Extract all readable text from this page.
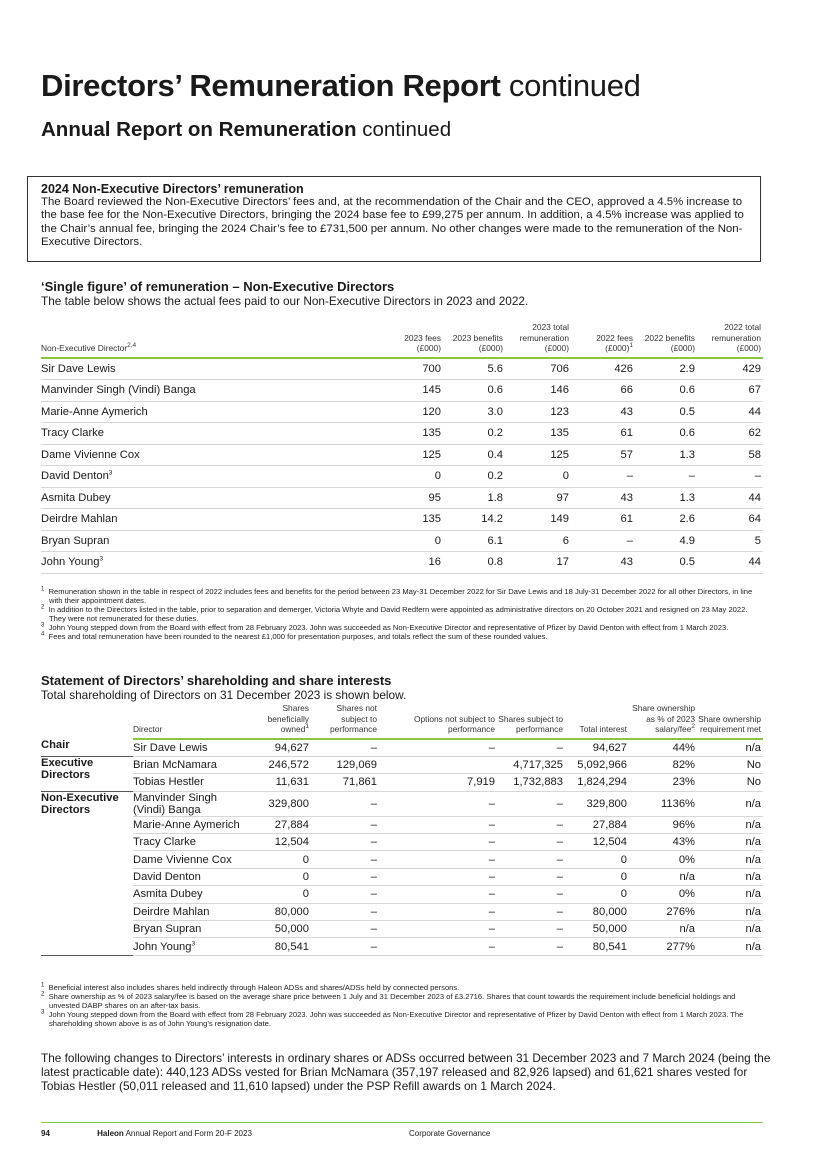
Directors’ Remuneration Report continued
Annual Report on Remuneration continued
2024 Non-Executive Directors’ remuneration

The Board reviewed the Non-Executive Directors’ fees and, at the recommendation of the Chair and the CEO, approved a 4.5% increase to the base fee for the Non-Executive Directors, bringing the 2024 base fee to £99,275 per annum. In addition, a 4.5% increase was applied to the Chair’s annual fee, bringing the 2024 Chair’s fee to £731,500 per annum. No other changes were made to the remuneration of the Non-Executive Directors.

‘Single figure’ of remuneration – Non-Executive Directors
The table below shows the actual fees paid to our Non-Executive Directors in 2023 and 2022.
Non-Executive Director$^{2,4}$	2023 fees (£000)	2023 benefits (£000)	2023 total remuneration (£000)	2022 fees (£000)$^1$	2022 benefits (£000)	2022 total remuneration (£000)
Sir Dave Lewis	700	5.6	706	426	2.9	429
Manvinder Singh (Vindi) Banga	145	0.6	146	66	0.6	67
Marie-Anne Aymerich	120	3.0	123	43	0.5	44
Tracy Clarke	135	0.2	135	61	0.6	62
Dame Vivienne Cox	125	0.4	125	57	1.3	58
David Denton$^3$	0	0.2	0	–	–	–
Asmita Dubey	95	1.8	97	43	1.3	44
Deirdre Mahlan	135	14.2	149	61	2.6	64
Bryan Supran	0	6.1	6	–	4.9	5
John Young$^3$	16	0.8	17	43	0.5	44
$^1$ Remuneration shown in the table in respect of 2022 includes fees and benefits for the period between 23 May-31 December 2022 for Sir Dave Lewis and 18 July-31 December 2022 for all other Directors, in line with their appointment dates.
$^2$ In addition to the Directors listed in the table, prior to separation and demerger, Victoria Whyte and David Redfern were appointed as administrative directors on 20 October 2021 and resigned on 23 May 2022. They were not remunerated for these duties.
$^3$ John Young stepped down from the Board with effect from 28 February 2023. John was succeeded as Non-Executive Director and representative of Pfizer by David Denton with effect from 1 March 2023.
$^4$ Fees and total remuneration have been rounded to the nearest £1,000 for presentation purposes, and totals reflect the sum of these rounded values.
Statement of Directors’ shareholding and share interests
Total shareholding of Directors on 31 December 2023 is shown below.
	Director	Shares beneficially owned$^1$	Shares not subject to performance	Options not subject to performance	Shares subject to performance	Total interest	Share ownership as % of 2023 salary/fee$^2$	Share ownership requirement met
Chair	Sir Dave Lewis	94,627	–	–	–	94,627	44%	n/a
Executive Directors	Brian McNamara	246,572	129,069		4,717,325	5,092,966	82%	No
	Tobias Hestler	11,631	71,861	7,919	1,732,883	1,824,294	23%	No
Non-Executive Directors	Manvinder Singh (Vindi) Banga	329,800	–	–	–	329,800	1136%	n/a
	Marie-Anne Aymerich	27,884	–	–	–	27,884	96%	n/a
	Tracy Clarke	12,504	–	–	–	12,504	43%	n/a
	Dame Vivienne Cox	0	–	–	–	0	0%	n/a
	David Denton	0	–	–	–	0	n/a	n/a
	Asmita Dubey	0	–	–	–	0	0%	n/a
	Deirdre Mahlan	80,000	–	–	–	80,000	276%	n/a
	Bryan Supran	50,000	–	–	–	50,000	n/a	n/a
	John Young$^3$	80,541	–	–	–	80,541	277%	n/a
$^1$ Beneficial interest also includes shares held indirectly through Haleon ADSs and shares/ADSs held by connected persons.
$^2$ Share ownership as % of 2023 salary/fee is based on the average share price between 1 July and 31 December 2023 of £3.2716. Shares that count towards the requirement include beneficial holdings and unvested DABP shares on an after-tax basis.
$^3$ John Young stepped down from the Board with effect from 28 February 2023. John was succeeded as Non-Executive Director and representative of Pfizer by David Denton with effect from 1 March 2023. The shareholding shown above is as of John Young’s resignation date.

The following changes to Directors’ interests in ordinary shares or ADSs occurred between 31 December 2023 and 7 March 2024 (being the latest practicable date): 440,123 ADSs vested for Brian McNamara (357,197 released and 82,926 lapsed) and 61,621 shares vested for Tobias Hestler (50,011 released and 11,610 lapsed) under the PSP Refill awards on 1 March 2024.

94	Haleon Annual Report and Form 20-F 2023	Corporate Governance
